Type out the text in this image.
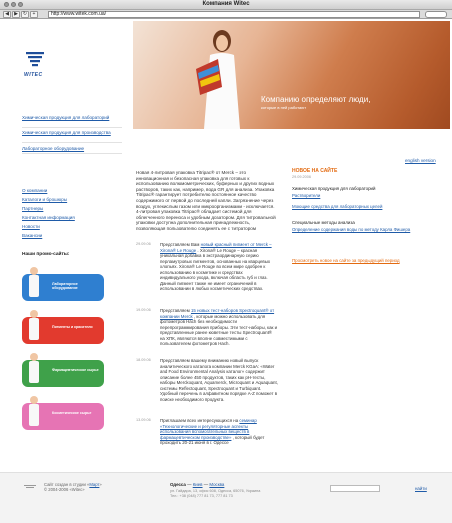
Компания Witec
◀	▶ ↻	+	http://www.witek.com.ua/
WITEC
Компанию определяют люди,
которые в ней работают
Химическая продукция для лабораторий
Химическая продукция для производства
Лабораторное оборудование
О компании
Каталоги и брошюры
Партнеры
Контактная информация
Новости
Вакансии
Наши промо-сайты:
Лабораторное оборудование
Пигменты и красители
Фармацевтическое сырье
Косметическое сырье
Новая 4-литровая упаковка Titripac® от Merck – это инновационная и безопасная упаковка для готовых к использованию волюмометрических, буферных и других водных растворов, таких как, например, вода GR для анализа. Упаковка Titripac® гарантирует потребителю постоянное качество содержимого от первой до последней капли. Загрязнение через воздух, углекислым газом или микроорганизмами - исключается. 4-литровая упаковка Titripac® обладает системой для облегченного переноса и удобным дозатором. Для титровальной упаковки доступна дополнительная принадлежность, позволяющая пользователю соединять ее с титратором
29.09.06 Представляем Вам новый красный пигмент от Merck – Xirona® Le Rouge . Xirona® Le Rouge – красная уникальная добавка в экстраординарную серию перламутровых пигментов, основанных на кварцевых хлопьях. Xirona® Le Rouge во всем мире одобрен к использованию в косметике и средствах индивидуального ухода, включая область губ и глаз. Данный пигмент также не имеет ограничений в использовании в любых косметических средствах.
19.09.06 Представляем 15 новых тест-наборов Spectroquant® от компании Merck , которые можно использовать для фотометров Hach без необходимости перепрограммирования приборы. Эти тест-наборы, как и представленные ранее кюветные тесты Spectroquant® на ХПК, являются вполне совместимыми с пользователем фотометров Hach.
18.09.06 Представляем вашему вниманию новый выпуск аналитического каталога компании Merck KGaA: «Water and Food Environmental Analysis каталог» содержит описание более 450 продуктов, таких как рН-тесты, наборы Merckoquant, Aquamerck, Microquant и Aquaquant, системы Reflectoquant, Spectroquant и Turbiquant. Удобный перечень в алфавитном порядке А-Z поможет в поиске необходимого продукта.
13.09.06 Приглашаем всех интересующихся на семинар «Технологические и регуляторные аспекты использования вспомогательных веществ в фармацевтическом производстве» , который будет проходить 20-21 июня в г. Одессе
english version
НОВОЕ НА САЙТЕ
29.09.2006
Химическая продукция для лабораторий
Растворители
Моющие средства для лабораторных целей
Специальные методы анализа
Определение содержания воды по методу Карла Фишера
Просмотреть новое на сайте за предыдущий период
Сайт создан в студии «Март»
© 2004-2006 «Witec»
Одесса — Киев — Москва
ул. Гайдара, 13, офис 608, Одесса, 65076, Украина
Тел.: +38 (048) 777 81 73, 777 81 73
найти
